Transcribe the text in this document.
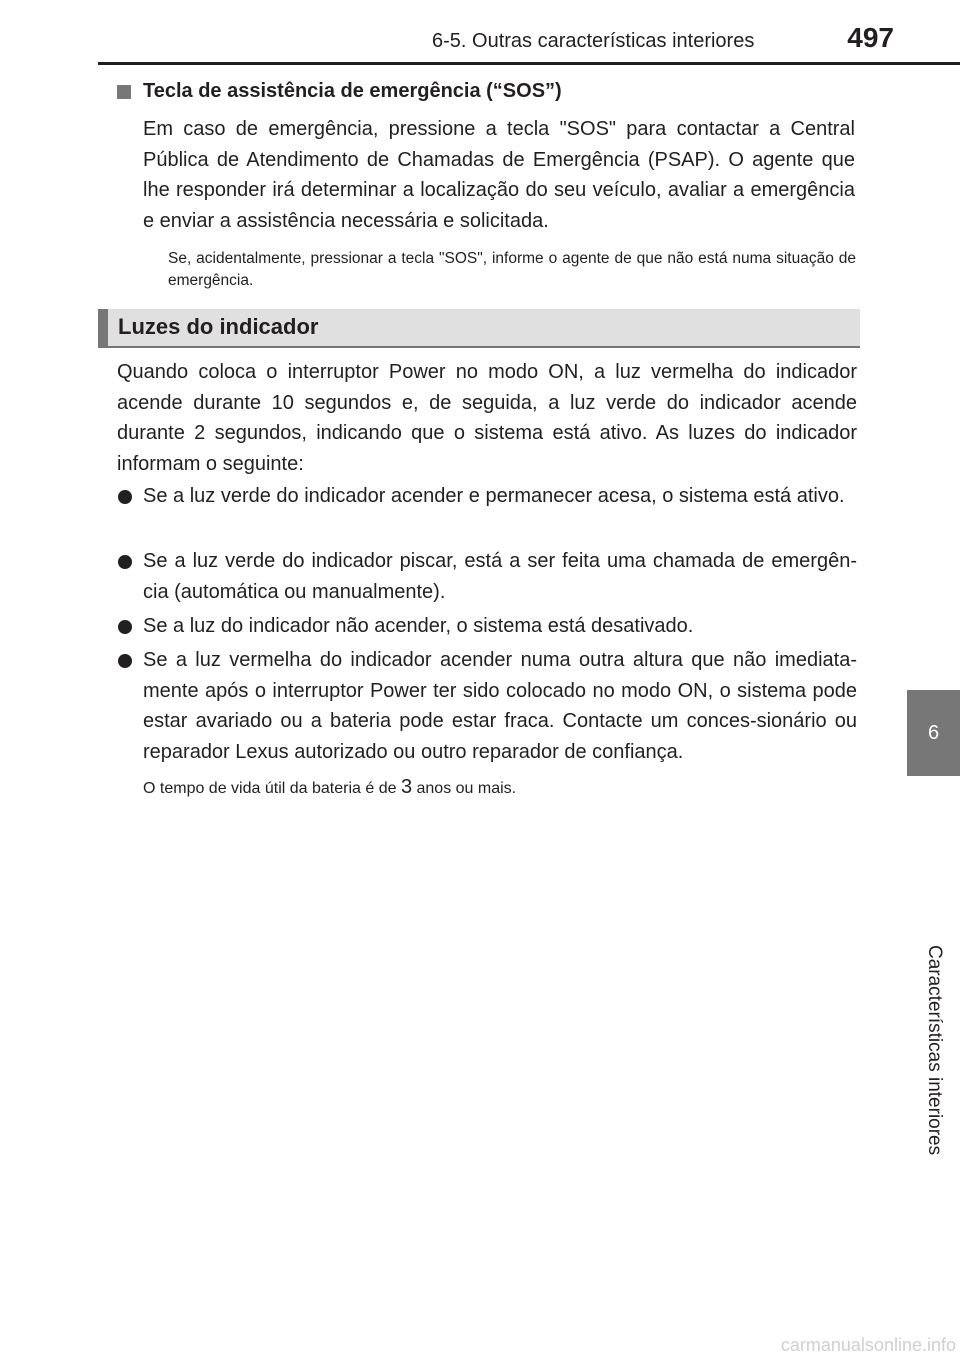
6-5. Outras características interiores	497
6
Características interiores
Tecla de assistência de emergência (“SOS”)

Em caso de emergência, pressione a tecla "SOS" para contactar a Central Pública de Atendimento de Chamadas de Emergência (PSAP). O agente que lhe responder irá determinar a localização do seu veículo, avaliar a emergência e enviar a assistência necessária e solicitada.

Se, acidentalmente, pressionar a tecla "SOS", informe o agente de que não está numa situação de emergência.

Luzes do indicador

Quando coloca o interruptor Power no modo ON, a luz vermelha do indicador acende durante 10 segundos e, de seguida, a luz verde do indicador acende durante 2 segundos, indicando que o sistema está ativo. As luzes do indicador informam o seguinte:

Se a luz verde do indicador acender e permanecer acesa, o sistema está ativo.
Se a luz verde do indicador piscar, está a ser feita uma chamada de emergên-cia (automática ou manualmente).
Se a luz do indicador não acender, o sistema está desativado.
Se a luz vermelha do indicador acender numa outra altura que não imediata-mente após o interruptor Power ter sido colocado no modo ON, o sistema pode estar avariado ou a bateria pode estar fraca. Contacte um conces-sionário ou reparador Lexus autorizado ou outro reparador de confiança.

O tempo de vida útil da bateria é de 3 anos ou mais.

carmanualsonline.info
